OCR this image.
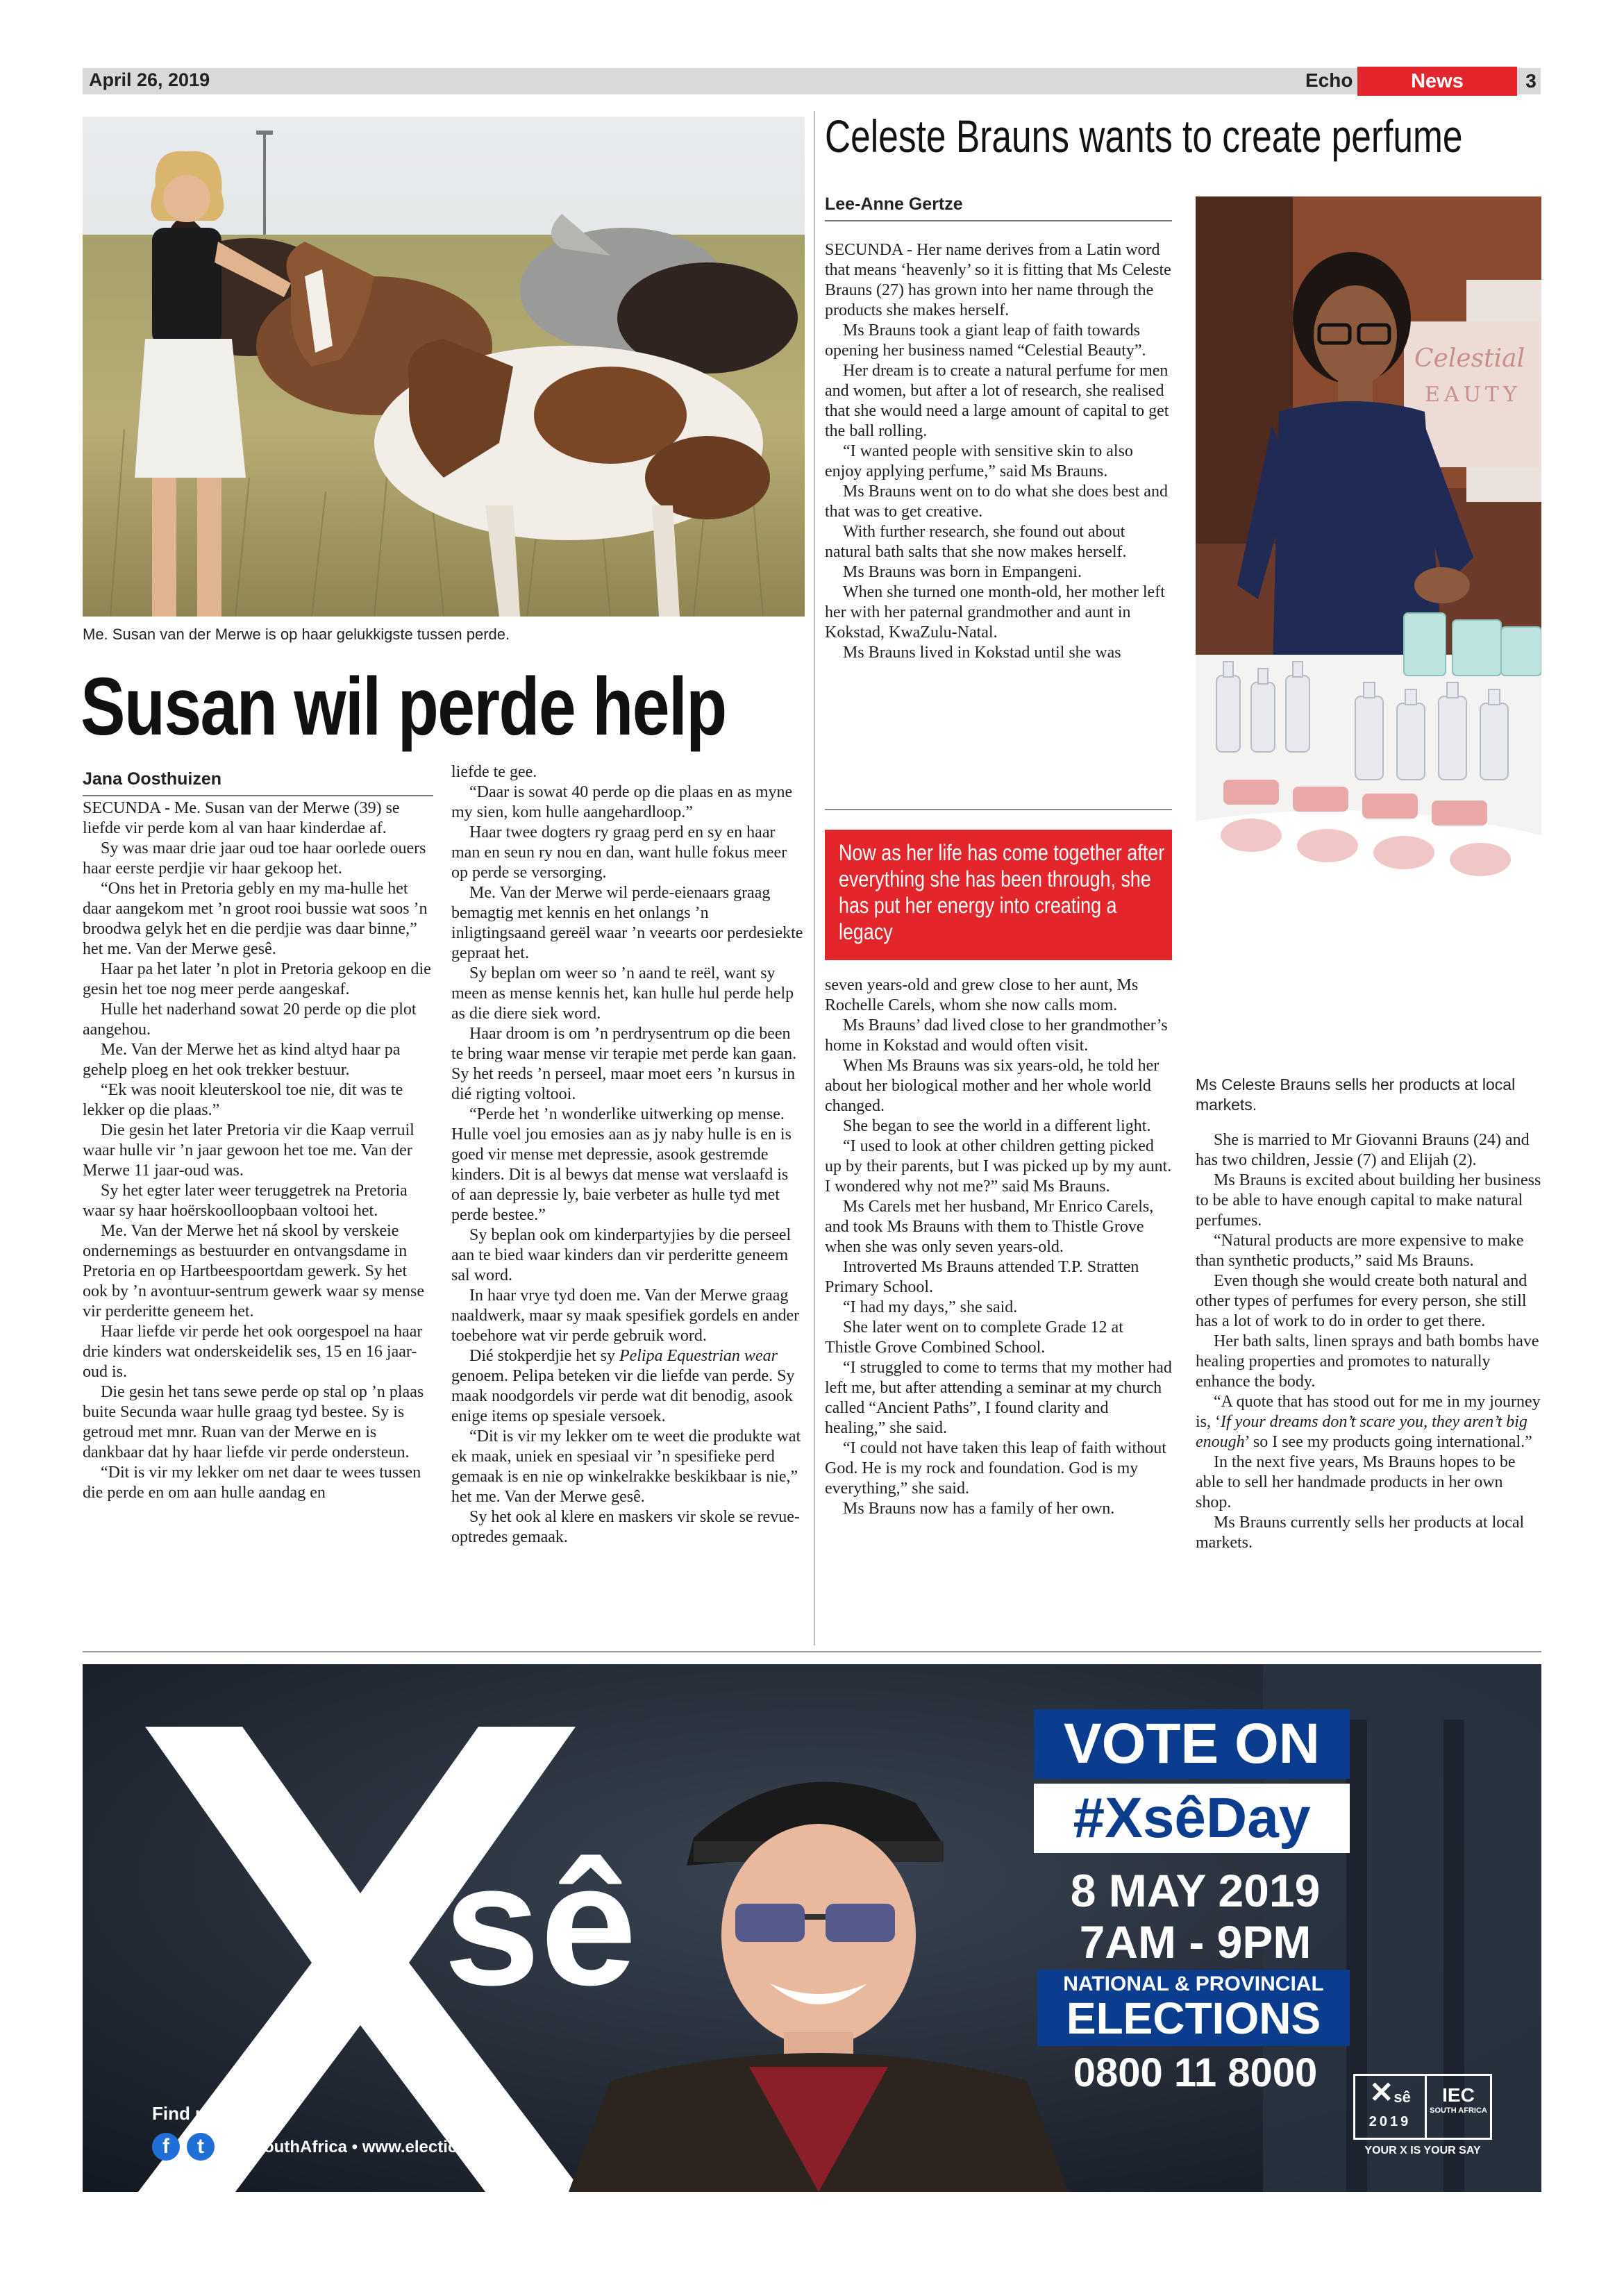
April 26, 2019	Echo	News	3
Me. Susan van der Merwe is op haar gelukkigste tussen perde.
Susan wil perde help
Jana Oosthuizen

SECUNDA - Me. Susan van der Merwe (39) se liefde vir perde kom al van haar kinderdae af.

Sy was maar drie jaar oud toe haar oorlede ouers haar eerste perdjie vir haar gekoop het.

“Ons het in Pretoria gebly en my ma-hulle het daar aangekom met ’n groot rooi bussie wat soos ’n broodwa gelyk het en die perdjie was daar binne,” het me. Van der Merwe gesê.

Haar pa het later ’n plot in Pretoria gekoop en die gesin het toe nog meer perde aangeskaf.

Hulle het naderhand sowat 20 perde op die plot aangehou.

Me. Van der Merwe het as kind altyd haar pa gehelp ploeg en het ook trekker bestuur.

“Ek was nooit kleuterskool toe nie, dit was te lekker op die plaas.”

Die gesin het later Pretoria vir die Kaap verruil waar hulle vir ’n jaar gewoon het toe me. Van der Merwe 11 jaar-oud was.

Sy het egter later weer teruggetrek na Pretoria waar sy haar hoërskoolloopbaan voltooi het.

Me. Van der Merwe het ná skool by verskeie ondernemings as bestuurder en ontvangsdame in Pretoria en op Hartbeespoortdam gewerk. Sy het ook by ’n avontuur-sentrum gewerk waar sy mense vir perderitte geneem het.

Haar liefde vir perde het ook oorgespoel na haar drie kinders wat onderskeidelik ses, 15 en 16 jaar-oud is.

Die gesin het tans sewe perde op stal op ’n plaas buite Secunda waar hulle graag tyd bestee. Sy is getroud met mnr. Ruan van der Merwe en is dankbaar dat hy haar liefde vir perde ondersteun.

“Dit is vir my lekker om net daar te wees tussen die perde en om aan hulle aandag en

liefde te gee.

“Daar is sowat 40 perde op die plaas en as myne my sien, kom hulle aangehardloop.”

Haar twee dogters ry graag perd en sy en haar man en seun ry nou en dan, want hulle fokus meer op perde se versorging.

Me. Van der Merwe wil perde-eienaars graag bemagtig met kennis en het onlangs ’n inligtingsaand gereël waar ’n veearts oor perdesiekte gepraat het.

Sy beplan om weer so ’n aand te reël, want sy meen as mense kennis het, kan hulle hul perde help as die diere siek word.

Haar droom is om ’n perdrysentrum op die been te bring waar mense vir terapie met perde kan gaan. Sy het reeds ’n perseel, maar moet eers ’n kursus in dié rigting voltooi.

“Perde het ’n wonderlike uitwerking op mense. Hulle voel jou emosies aan as jy naby hulle is en is goed vir mense met depressie, asook gestremde kinders. Dit is al bewys dat mense wat verslaafd is of aan depressie ly, baie verbeter as hulle tyd met perde bestee.”

Sy beplan ook om kinderpartyjies by die perseel aan te bied waar kinders dan vir perderitte geneem sal word.

In haar vrye tyd doen me. Van der Merwe graag naaldwerk, maar sy maak spesifiek gordels en ander toebehore wat vir perde gebruik word.

Dié stokperdjie het sy Pelipa Equestrian wear genoem. Pelipa beteken vir die liefde van perde. Sy maak noodgordels vir perde wat dit benodig, asook enige items op spesiale versoek.

“Dit is vir my lekker om te weet die produkte wat ek maak, uniek en spesiaal vir ’n spesifieke perd gemaak is en nie op winkelrakke beskikbaar is nie,” het me. Van der Merwe gesê.

Sy het ook al klere en maskers vir skole se revue-optredes gemaak.

Celeste Brauns wants to create perfume
Lee-Anne Gertze

SECUNDA - Her name derives from a Latin word that means ‘heavenly’ so it is fitting that Ms Celeste Brauns (27) has grown into her name through the products she makes herself.

Ms Brauns took a giant leap of faith towards opening her business named “Celestial Beauty”.

Her dream is to create a natural perfume for men and women, but after a lot of research, she realised that she would need a large amount of capital to get the ball rolling.

“I wanted people with sensitive skin to also enjoy applying perfume,” said Ms Brauns.

Ms Brauns went on to do what she does best and that was to get creative.

With further research, she found out about natural bath salts that she now makes herself.

Ms Brauns was born in Empangeni.

When she turned one month-old, her mother left her with her paternal grandmother and aunt in Kokstad, KwaZulu-Natal.

Ms Brauns lived in Kokstad until she was

Now as her life has come together after everything she has been through, she has put her energy into creating a legacy

seven years-old and grew close to her aunt, Ms Rochelle Carels, whom she now calls mom.

Ms Brauns’ dad lived close to her grandmother’s home in Kokstad and would often visit.

When Ms Brauns was six years-old, he told her about her biological mother and her whole world changed.

She began to see the world in a different light.

“I used to look at other children getting picked up by their parents, but I was picked up by my aunt. I wondered why not me?” said Ms Brauns.

Ms Carels met her husband, Mr Enrico Carels, and took Ms Brauns with them to Thistle Grove when she was only seven years-old.

Introverted Ms Brauns attended T.P. Stratten Primary School.

“I had my days,” she said.

She later went on to complete Grade 12 at Thistle Grove Combined School.

“I struggled to come to terms that my mother had left me, but after attending a seminar at my church called “Ancient Paths”, I found clarity and healing,” she said.

“I could not have taken this leap of faith without God. He is my rock and foundation. God is my everything,” she said.

Ms Brauns now has a family of her own.

Celestial
EAUTY
Ms Celeste Brauns sells her products at local markets.

She is married to Mr Giovanni Brauns (24) and has two children, Jessie (7) and Elijah (2).

Ms Brauns is excited about building her business to be able to have enough capital to make natural perfumes.

“Natural products are more expensive to make than synthetic products,” said Ms Brauns.

Even though she would create both natural and other types of perfumes for every person, she still has a lot of work to do in order to get there.

Her bath salts, linen sprays and bath bombs have healing properties and promotes to naturally enhance the body.

“A quote that has stood out for me in my journey is, ‘If your dreams don’t scare you, they aren’t big enough’ so I see my products going international.”

In the next five years, Ms Brauns hopes to be able to sell her handmade products in her own shop.

Ms Brauns currently sells her products at local markets.

sê
VOTE ON
#XsêDay
8 MAY 2019
7AM - 9PM
NATIONAL & PROVINCIAL
ELECTIONS
0800 11 8000
Find us on:
f	t	IECSouthAfrica • www.elections.org.za
✕sê
2019
IEC
SOUTH AFRICA
YOUR X IS YOUR SAY
